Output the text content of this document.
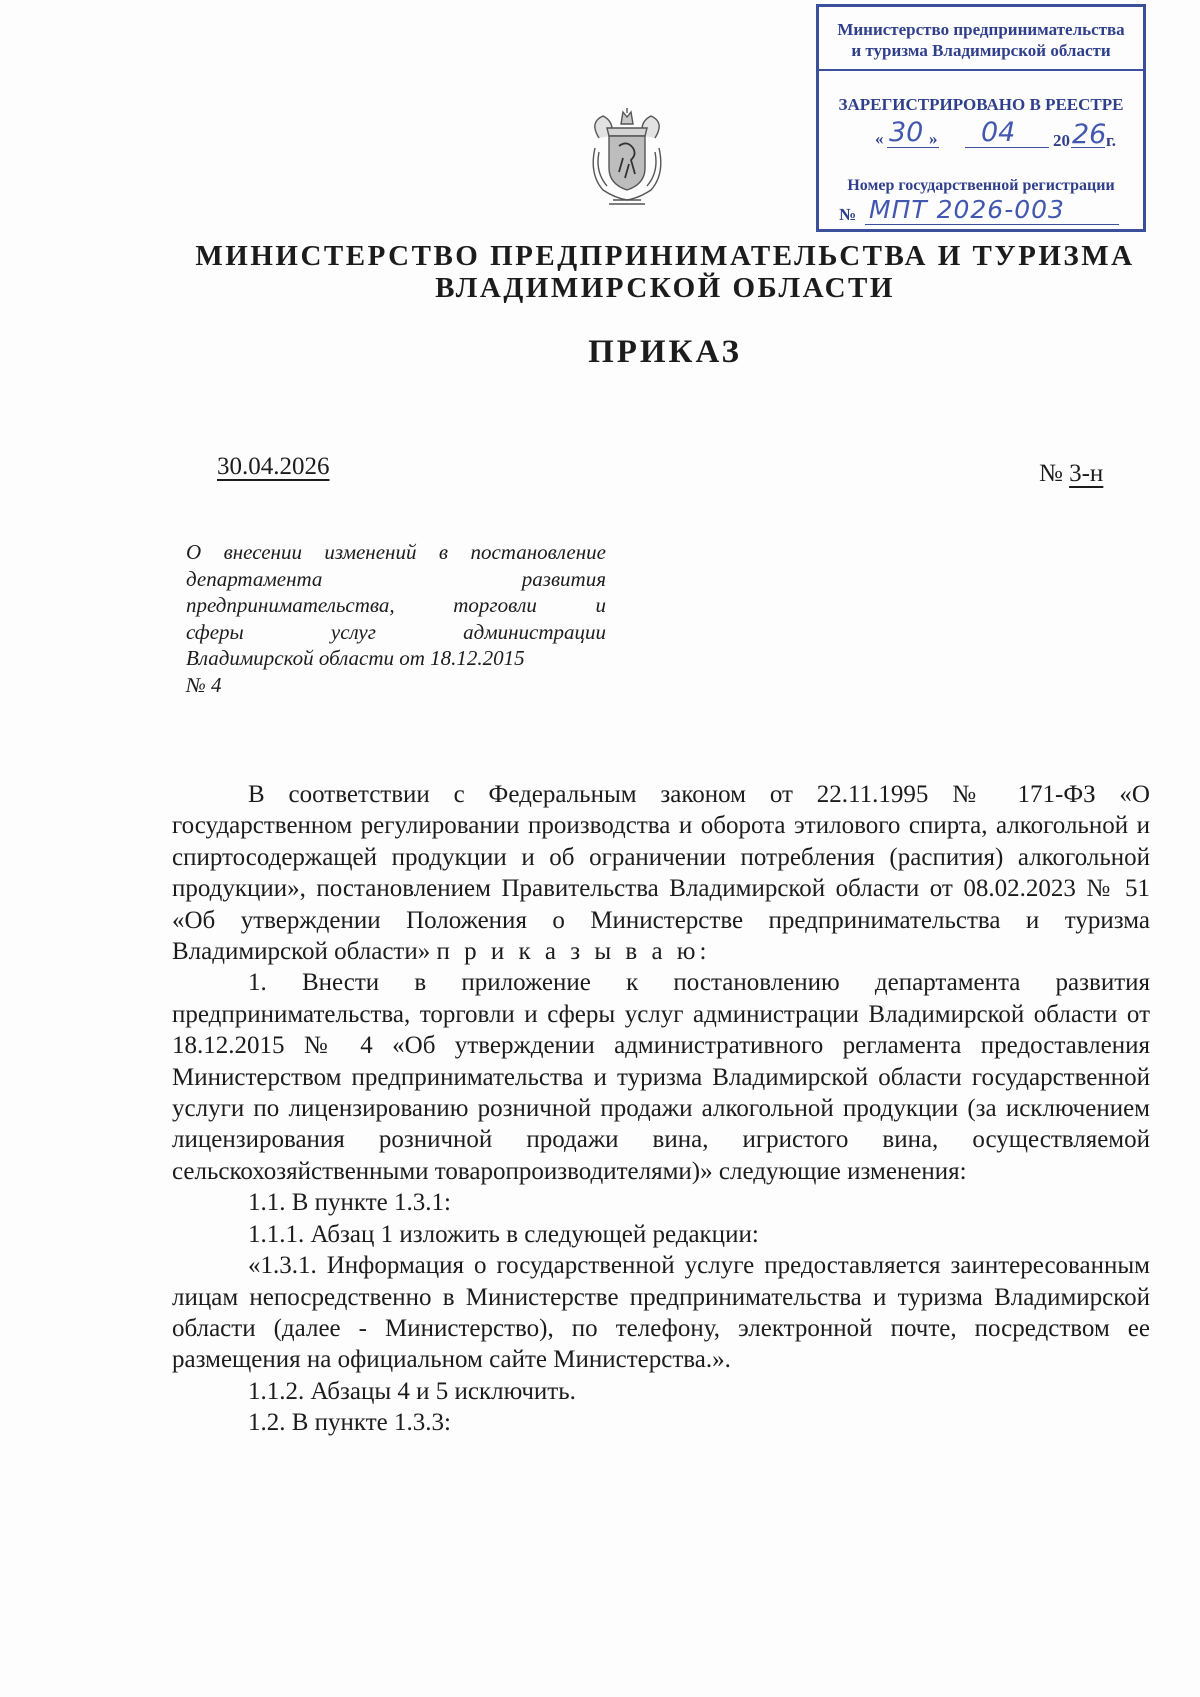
Министерство предпринимательства
и туризма Владимирской области
ЗАРЕГИСТРИРОВАНО В РЕЕСТРЕ
« 30 » 04 20 26 г.
Номер государственной регистрации
№ МПТ 2026-003
МИНИСТЕРСТВО ПРЕДПРИНИМАТЕЛЬСТВА И ТУРИЗМА
ВЛАДИМИРСКОЙ ОБЛАСТИ
ПРИКАЗ
30.04.2026	№ 3-н
О внесении изменений в постановление
департамента развития
предпринимательства, торговли и
сферы услуг администрации
Владимирской области от 18.12.2015
№ 4

В соответствии с Федеральным законом от 22.11.1995 № 171-ФЗ «О государственном регулировании производства и оборота этилового спирта, алкогольной и спиртосодержащей продукции и об ограничении потребления (распития) алкогольной продукции», постановлением Правительства Владимирской области от 08.02.2023 № 51 «Об утверждении Положения о Министерстве предпринимательства и туризма Владимирской области» п р и к а з ы в а ю:

1. Внести в приложение к постановлению департамента развития предпринимательства, торговли и сферы услуг администрации Владимирской области от 18.12.2015 № 4 «Об утверждении административного регламента предоставления Министерством предпринимательства и туризма Владимирской области государственной услуги по лицензированию розничной продажи алкогольной продукции (за исключением лицензирования розничной продажи вина, игристого вина, осуществляемой сельскохозяйственными товаропроизводителями)» следующие изменения:

1.1. В пункте 1.3.1:

1.1.1. Абзац 1 изложить в следующей редакции:

«1.3.1. Информация о государственной услуге предоставляется заинтересованным лицам непосредственно в Министерстве предпринимательства и туризма Владимирской области (далее - Министерство), по телефону, электронной почте, посредством ее размещения на официальном сайте Министерства.».

1.1.2. Абзацы 4 и 5 исключить.

1.2. В пункте 1.3.3:
